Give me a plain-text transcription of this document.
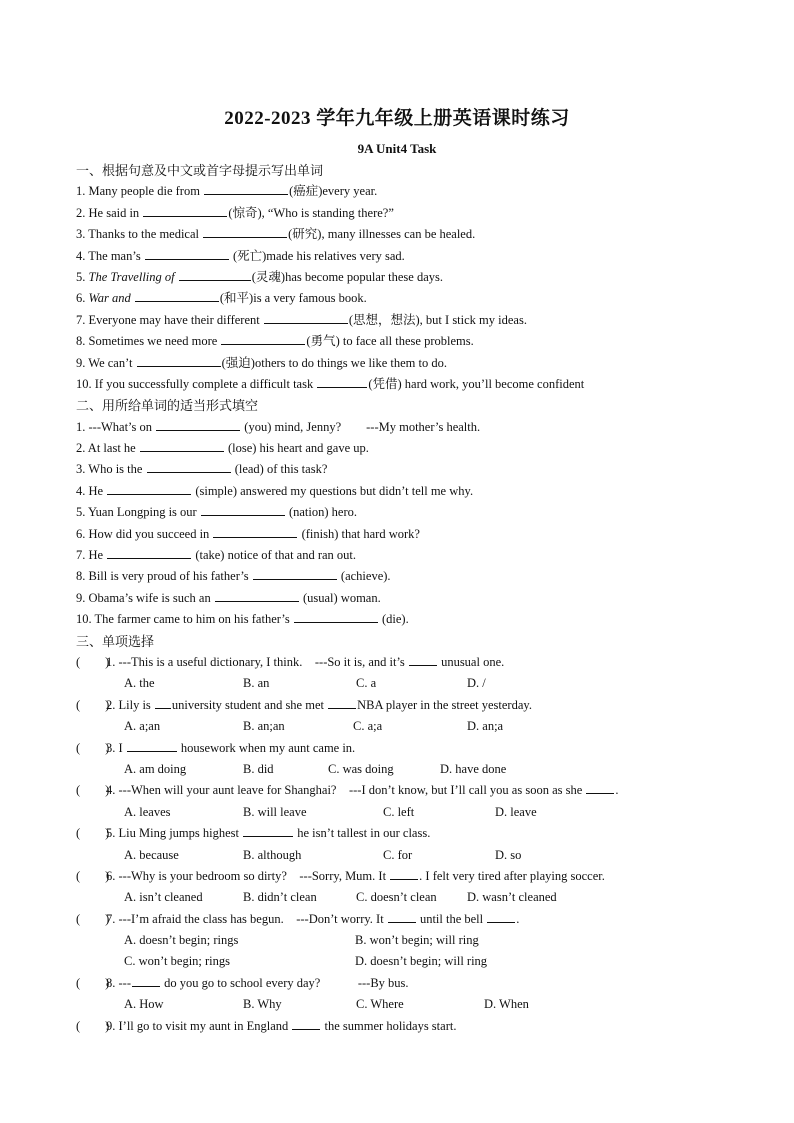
2022-2023 学年九年级上册英语课时练习
9A Unit4 Task
一、根据句意及中文或首字母提示写出单词
1. Many people die from	(癌症)every year.
2. He said in	(惊奇), “Who is standing there?”
3. Thanks to the medical	(研究), many illnesses can be healed.
4. The man’s	(死亡)made his relatives very sad.
5. The Travelling of	(灵魂)has become popular these days.
6. War and	(和平)is a very famous book.
7. Everyone may have their different	(思想，想法), but I stick my ideas.
8. Sometimes we need more	(勇气) to face all these problems.
9. We can’t	(强迫)others to do things we like them to do.
10. If you successfully complete a difficult task	(凭借) hard work, you’ll become confident
二、用所给单词的适当形式填空
1. ---What’s on	(you) mind, Jenny?　　---My mother’s health.
2. At last he	(lose) his heart and gave up.
3. Who is the	(lead) of this task?
4. He	(simple) answered my questions but didn’t tell me why.
5. Yuan Longping is our	(nation) hero.
6. How did you succeed in	(finish) that hard work?
7. He	(take) notice of that and ran out.
8. Bill is very proud of his father’s	(achieve).
9. Obama’s wife is such an	(usual) woman.
10. The farmer came to him on his father’s	(die).
三、单项选择
(　　)1. ---This is a useful dictionary, I think.　---So it is, and it’s  unusual one.
A. the	B. an	C. a	D. /
(　　)2. Lily is university student and she met NBA player in the street yesterday.
A. a;an	B. an;an	C. a;a	D. an;a
(　　)3. I	housework when my aunt came in.
A. am doing	B. did	C. was doing	D. have done
(　　)4. ---When will your aunt leave for Shanghai?　---I don’t know, but I’ll call you as soon as she .
A. leaves	B. will leave	C. left	D. leave
(　　)5. Liu Ming jumps highest	he isn’t tallest in our class.
A. because	B. although	C. for	D. so
(　　)6. ---Why is your bedroom so dirty?　---Sorry, Mum. It . I felt very tired after playing soccer.
A. isn’t cleaned	B. didn’t clean	C. doesn’t clean D. wasn’t cleaned
(　　)7. ---I’m afraid the class has begun.　---Don’t worry. It  until the bell .
A. doesn’t begin; rings	B. won’t begin; will ring
C. won’t begin; rings	D. doesn’t begin; will ring
(　　)8. --- do you go to school every day?　　　---By bus.
A. How	B. Why	C. Where	D. When
(　　)9. I’ll go to visit my aunt in England  the summer holidays start.
